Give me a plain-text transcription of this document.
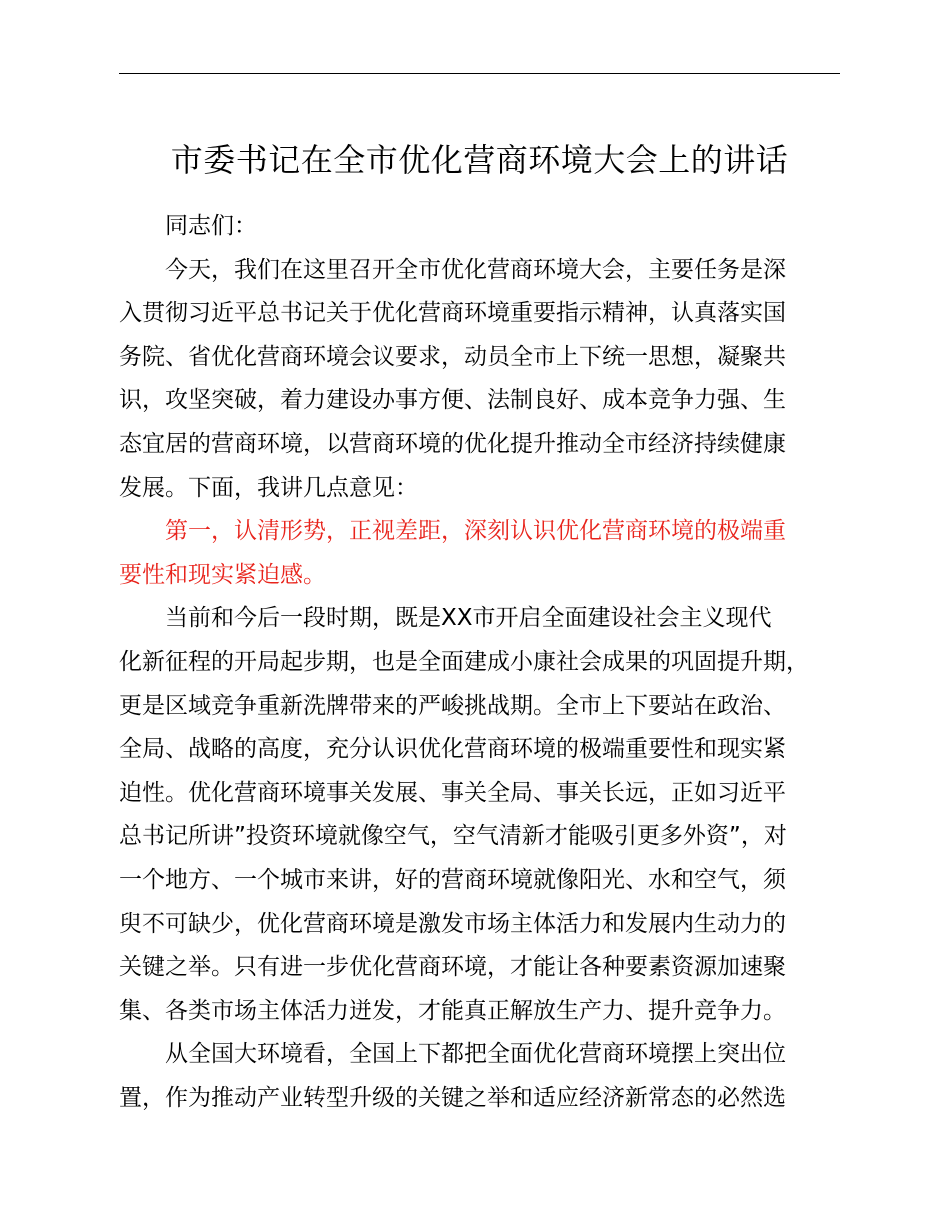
市委书记在全市优化营商环境大会上的讲话

同志们：

今天，我们在这里召开全市优化营商环境大会，主要任务是深
入贯彻习近平总书记关于优化营商环境重要指示精神，认真落实国
务院、省优化营商环境会议要求，动员全市上下统一思想，凝聚共
识，攻坚突破，着力建设办事方便、法制良好、成本竞争力强、生
态宜居的营商环境，以营商环境的优化提升推动全市经济持续健康
发展。下面，我讲几点意见：

第一，认清形势，正视差距，深刻认识优化营商环境的极端重
要性和现实紧迫感。

当前和今后一段时期，既是XX市开启全面建设社会主义现代
化新征程的开局起步期，也是全面建成小康社会成果的巩固提升期，
更是区域竞争重新洗牌带来的严峻挑战期。全市上下要站在政治、
全局、战略的高度，充分认识优化营商环境的极端重要性和现实紧
迫性。优化营商环境事关发展、事关全局、事关长远，正如习近平
总书记所讲”投资环境就像空气，空气清新才能吸引更多外资”，对
一个地方、一个城市来讲，好的营商环境就像阳光、水和空气，须
臾不可缺少，优化营商环境是激发市场主体活力和发展内生动力的
关键之举。只有进一步优化营商环境，才能让各种要素资源加速聚
集、各类市场主体活力迸发，才能真正解放生产力、提升竞争力。

从全国大环境看，全国上下都把全面优化营商环境摆上突出位
置，作为推动产业转型升级的关键之举和适应经济新常态的必然选
